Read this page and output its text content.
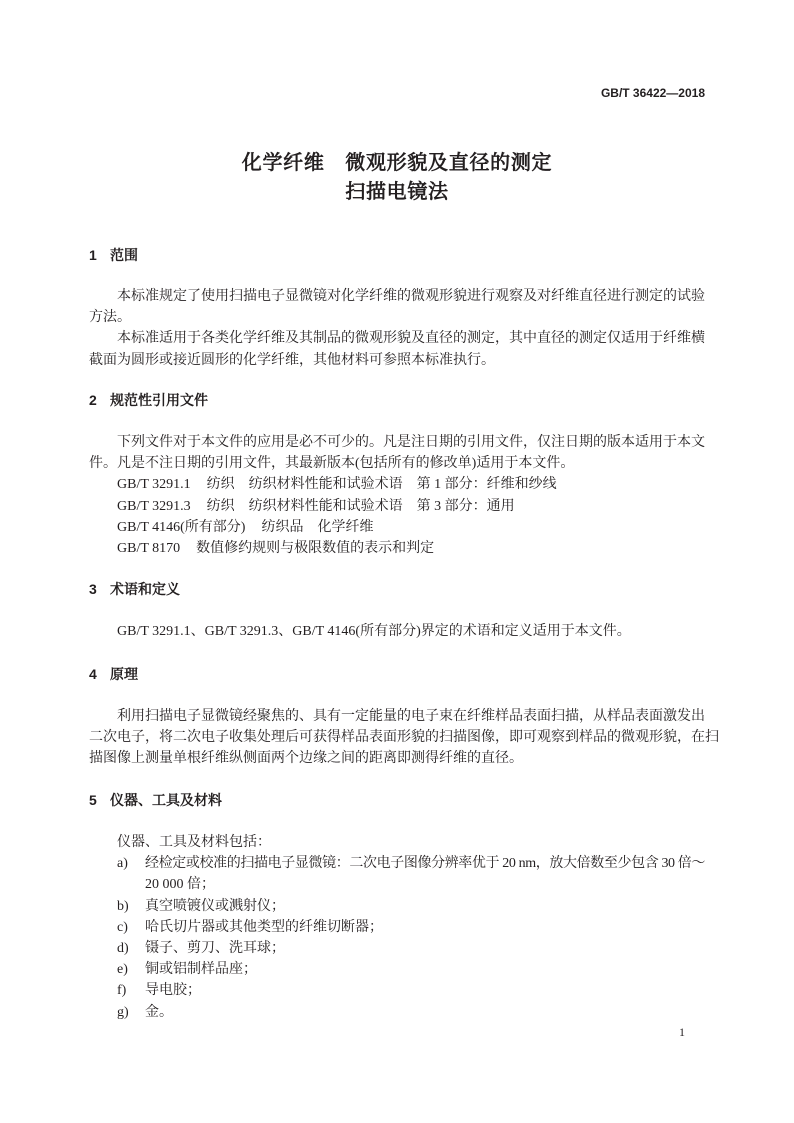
GB/T 36422—2018
化学纤维　微观形貌及直径的测定
扫描电镜法
1 范围
本标准规定了使用扫描电子显微镜对化学纤维的微观形貌进行观察及对纤维直径进行测定的试验
方法。
本标准适用于各类化学纤维及其制品的微观形貌及直径的测定，其中直径的测定仅适用于纤维横
截面为圆形或接近圆形的化学纤维，其他材料可参照本标准执行。
2 规范性引用文件
下列文件对于本文件的应用是必不可少的。凡是注日期的引用文件，仅注日期的版本适用于本文
件。凡是不注日期的引用文件，其最新版本(包括所有的修改单)适用于本文件。
GB/T 3291.1 纺织　纺织材料性能和试验术语　第 1 部分：纤维和纱线
GB/T 3291.3 纺织　纺织材料性能和试验术语　第 3 部分：通用
GB/T 4146(所有部分) 纺织品　化学纤维
GB/T 8170 数值修约规则与极限数值的表示和判定
3 术语和定义
GB/T 3291.1、GB/T 3291.3、GB/T 4146(所有部分)界定的术语和定义适用于本文件。
4 原理
利用扫描电子显微镜经聚焦的、具有一定能量的电子束在纤维样品表面扫描，从样品表面激发出
二次电子，将二次电子收集处理后可获得样品表面形貌的扫描图像，即可观察到样品的微观形貌，在扫
描图像上测量单根纤维纵侧面两个边缘之间的距离即测得纤维的直径。
5 仪器、工具及材料
仪器、工具及材料包括：
a)	经检定或校准的扫描电子显微镜：二次电子图像分辨率优于 20 nm，放大倍数至少包含 30 倍～
20 000 倍；
b)	真空喷镀仪或溅射仪；
c)	哈氏切片器或其他类型的纤维切断器；
d)	镊子、剪刀、洗耳球；
e)	铜或铝制样品座；
f)	导电胶；
g)	金。
1
